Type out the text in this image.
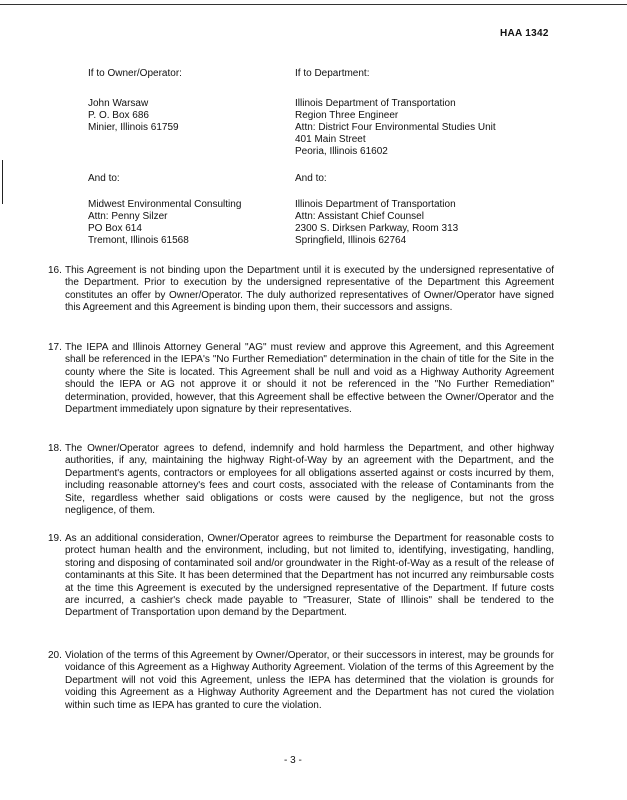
HAA 1342
If to Owner/Operator:
John Warsaw
P. O. Box 686
Minier, Illinois 61759
If to Department:
Illinois Department of Transportation
Region Three Engineer
Attn: District Four Environmental Studies Unit
401 Main Street
Peoria, Illinois 61602
And to:
Midwest Environmental Consulting
Attn: Penny Silzer
PO Box 614
Tremont, Illinois 61568
And to:
Illinois Department of Transportation
Attn: Assistant Chief Counsel
2300 S. Dirksen Parkway, Room 313
Springfield, Illinois 62764
16. This Agreement is not binding upon the Department until it is executed by the undersigned representative of the Department. Prior to execution by the undersigned representative of the Department this Agreement constitutes an offer by Owner/Operator. The duly authorized representatives of Owner/Operator have signed this Agreement and this Agreement is binding upon them, their successors and assigns.
17. The IEPA and Illinois Attorney General "AG" must review and approve this Agreement, and this Agreement shall be referenced in the IEPA's "No Further Remediation" determination in the chain of title for the Site in the county where the Site is located. This Agreement shall be null and void as a Highway Authority Agreement should the IEPA or AG not approve it or should it not be referenced in the "No Further Remediation" determination, provided, however, that this Agreement shall be effective between the Owner/Operator and the Department immediately upon signature by their representatives.
18. The Owner/Operator agrees to defend, indemnify and hold harmless the Department, and other highway authorities, if any, maintaining the highway Right-of-Way by an agreement with the Department, and the Department's agents, contractors or employees for all obligations asserted against or costs incurred by them, including reasonable attorney's fees and court costs, associated with the release of Contaminants from the Site, regardless whether said obligations or costs were caused by the negligence, but not the gross negligence, of them.
19. As an additional consideration, Owner/Operator agrees to reimburse the Department for reasonable costs to protect human health and the environment, including, but not limited to, identifying, investigating, handling, storing and disposing of contaminated soil and/or groundwater in the Right-of-Way as a result of the release of contaminants at this Site. It has been determined that the Department has not incurred any reimbursable costs at the time this Agreement is executed by the undersigned representative of the Department. If future costs are incurred, a cashier's check made payable to "Treasurer, State of Illinois" shall be tendered to the Department of Transportation upon demand by the Department.
20. Violation of the terms of this Agreement by Owner/Operator, or their successors in interest, may be grounds for voidance of this Agreement as a Highway Authority Agreement. Violation of the terms of this Agreement by the Department will not void this Agreement, unless the IEPA has determined that the violation is grounds for voiding this Agreement as a Highway Authority Agreement and the Department has not cured the violation within such time as IEPA has granted to cure the violation.
- 3 -
